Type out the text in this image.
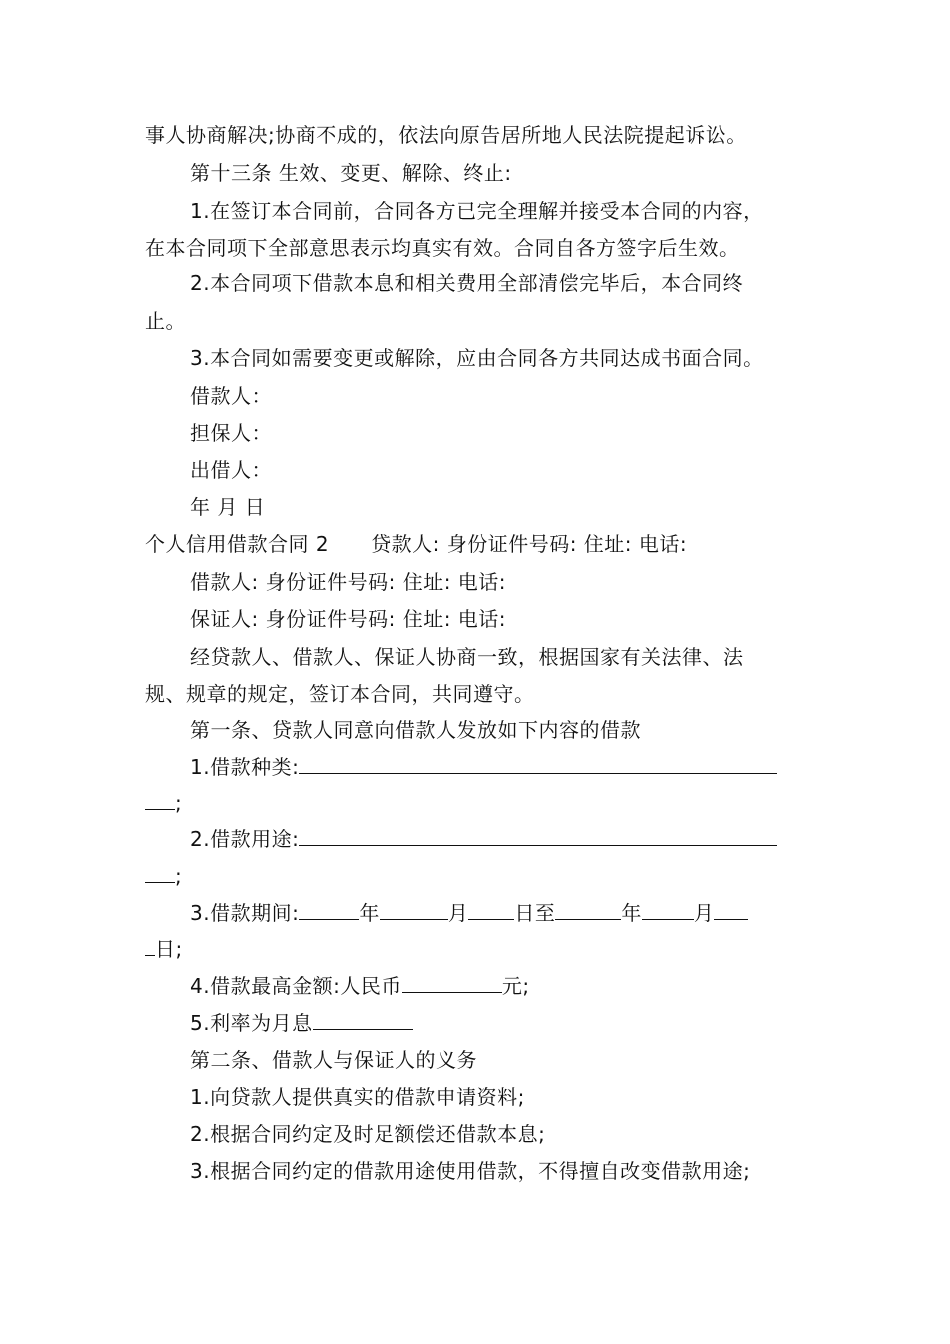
事人协商解决;协商不成的，依法向原告居所地人民法院提起诉讼。
第十三条 生效、变更、解除、终止:
1.在签订本合同前，合同各方已完全理解并接受本合同的内容，
在本合同项下全部意思表示均真实有效。合同自各方签字后生效。
2.本合同项下借款本息和相关费用全部清偿完毕后，本合同终
止。
3.本合同如需要变更或解除，应由合同各方共同达成书面合同。
借款人：
担保人：
出借人：
年 月 日
个人信用借款合同 2 贷款人: 身份证件号码: 住址: 电话:
借款人: 身份证件号码: 住址: 电话:
保证人: 身份证件号码: 住址: 电话:
经贷款人、借款人、保证人协商一致，根据国家有关法律、法
规、规章的规定，签订本合同，共同遵守。
第一条、贷款人同意向借款人发放如下内容的借款
1.借款种类:
;
2.借款用途:
;
3.借款期间:	年	月 日至	年	月
日;
4.借款最高金额:人民币	元;
5.利率为月息
第二条、借款人与保证人的义务
1.向贷款人提供真实的借款申请资料;
2.根据合同约定及时足额偿还借款本息;
3.根据合同约定的借款用途使用借款，不得擅自改变借款用途;
